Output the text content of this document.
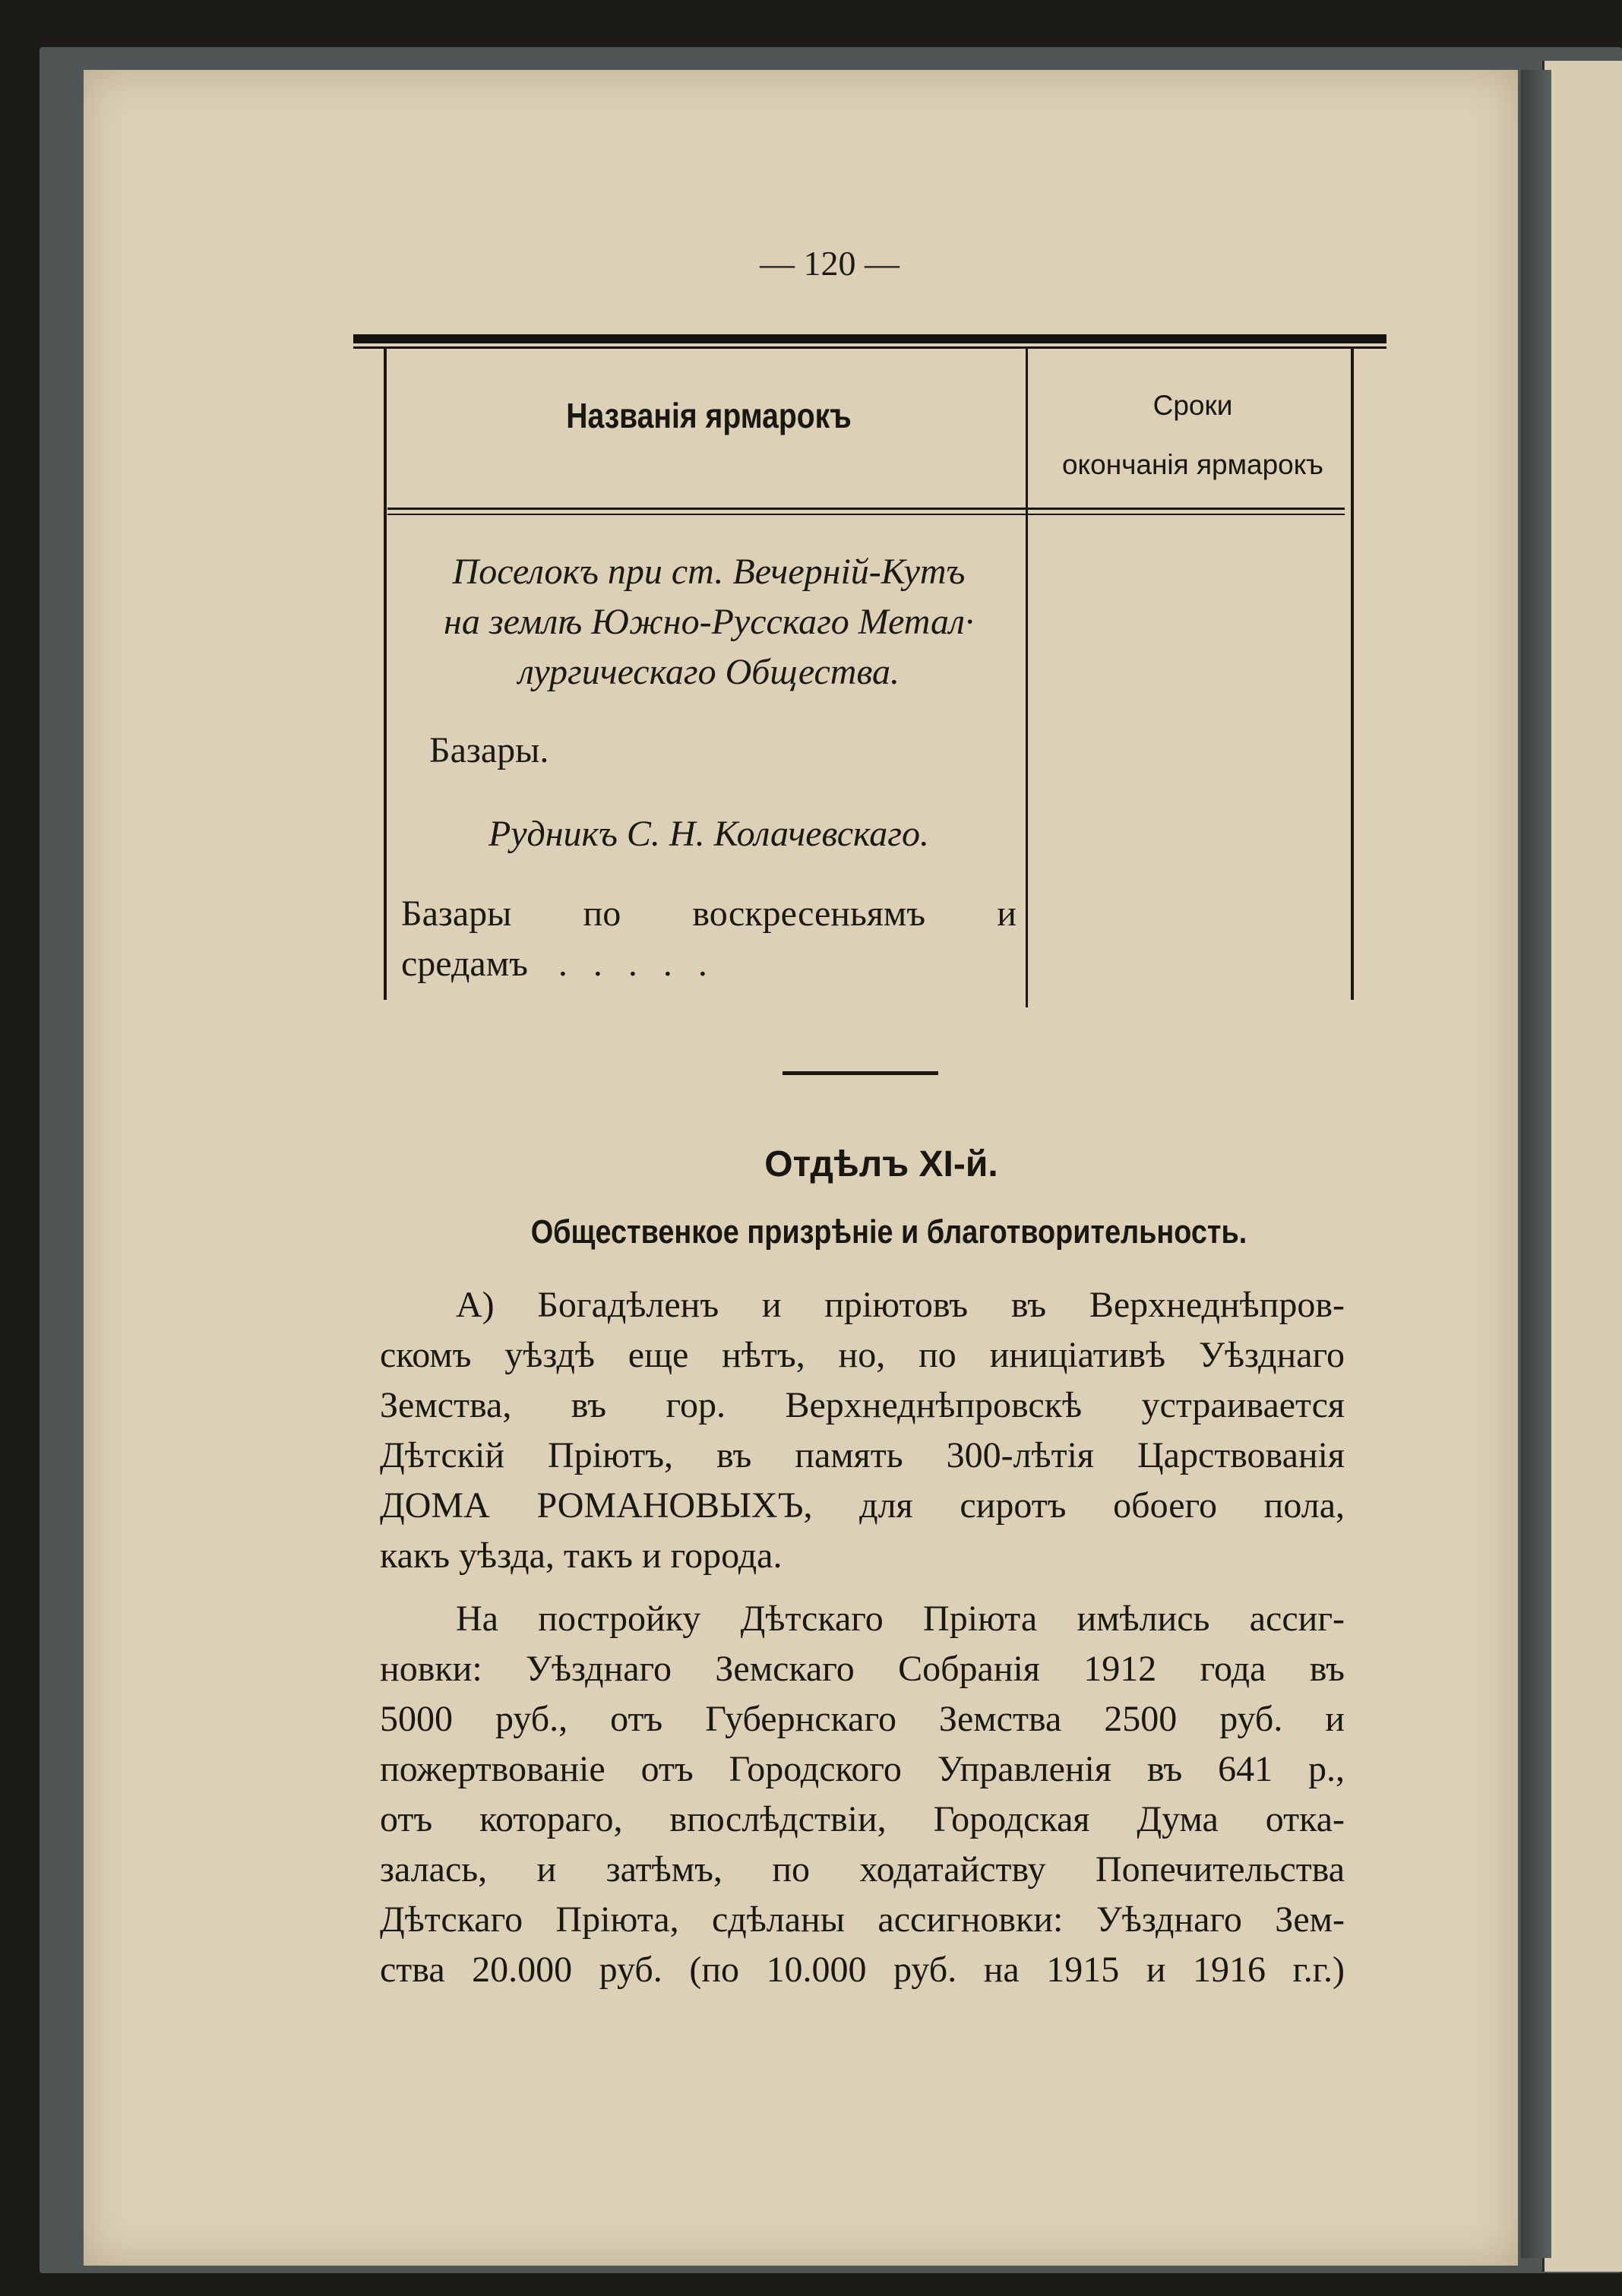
— 120 —
Названія ярмарокъ	Сроки
окончанія ярмарокъ
Поселокъ при ст. Вечерній-Кутъ
на землѣ Южно-Русскаго Метал·
лургическаго Общества.
Базары.
Рудникъ С. Н. Колачевскаго.
Базары по воскресеньямъ и
средамъ .....
Отдѣлъ XI-й.
Общественкое призрѣніе и благотворительность.
А) Богадѣленъ и пріютовъ въ Верхнеднѣпров-
скомъ уѣздѣ еще нѣтъ, но, по иниціативѣ Уѣзднаго
Земства, въ гор. Верхнеднѣпровскѣ устраивается
Дѣтскій Пріютъ, въ память 300-лѣтія Царствованія
ДОМА РОМАНОВЫХЪ, для сиротъ обоего пола,
какъ уѣзда, такъ и города.
На постройку Дѣтскаго Пріюта имѣлись ассиг-
новки: Уѣзднаго Земскаго Собранія 1912 года въ
5000 руб., отъ Губернскаго Земства 2500 руб. и
пожертвованіе отъ Городского Управленія въ 641 р.,
отъ котораго, впослѣдствіи, Городская Дума отка-
залась, и затѣмъ, по ходатайству Попечительства
Дѣтскаго Пріюта, сдѣланы ассигновки: Уѣзднаго Зем-
ства 20.000 руб. (по 10.000 руб. на 1915 и 1916 г.г.)
